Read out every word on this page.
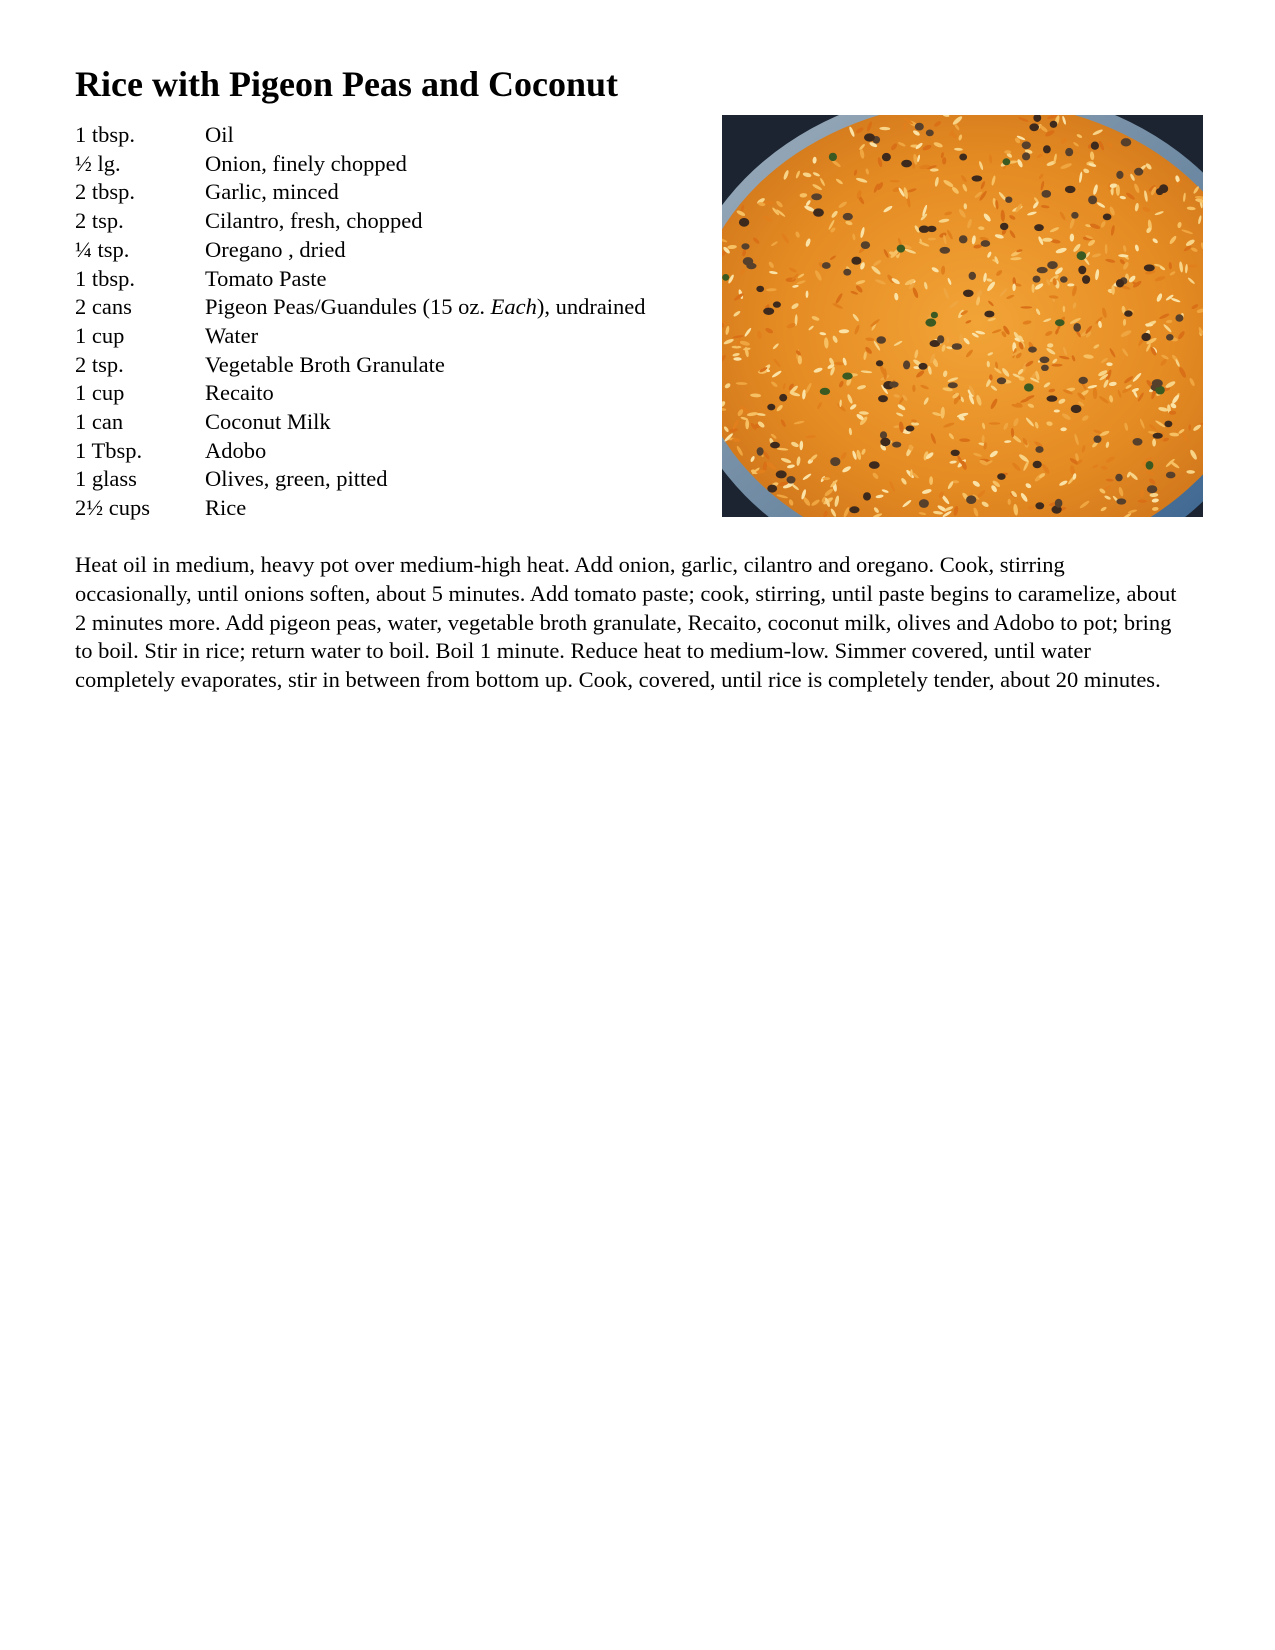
Rice with Pigeon Peas and Coconut
1 tbsp.	Oil
½ lg.	Onion, finely chopped
2 tbsp.	Garlic, minced
2 tsp.	Cilantro, fresh, chopped
¼ tsp.	Oregano , dried
1 tbsp.	Tomato Paste
2 cans	Pigeon Peas/Guandules (15 oz. Each), undrained
1 cup	Water
2 tsp.	Vegetable Broth Granulate
1 cup	Recaito
1 can	Coconut Milk
1 Tbsp.	Adobo
1 glass	Olives, green, pitted
2½ cups	Rice

Heat oil in medium, heavy pot over medium-high heat. Add onion, garlic, cilantro and oregano. Cook, stirring occasionally, until onions soften, about 5 minutes. Add tomato paste; cook, stirring, until paste begins to caramelize, about 2 minutes more. Add pigeon peas, water, vegetable broth granulate, Recaito, coconut milk, olives and Adobo to pot; bring to boil. Stir in rice; return water to boil. Boil 1 minute. Reduce heat to medium-low. Simmer covered, until water completely evaporates, stir in between from bottom up. Cook, covered, until rice is completely tender, about 20 minutes.
